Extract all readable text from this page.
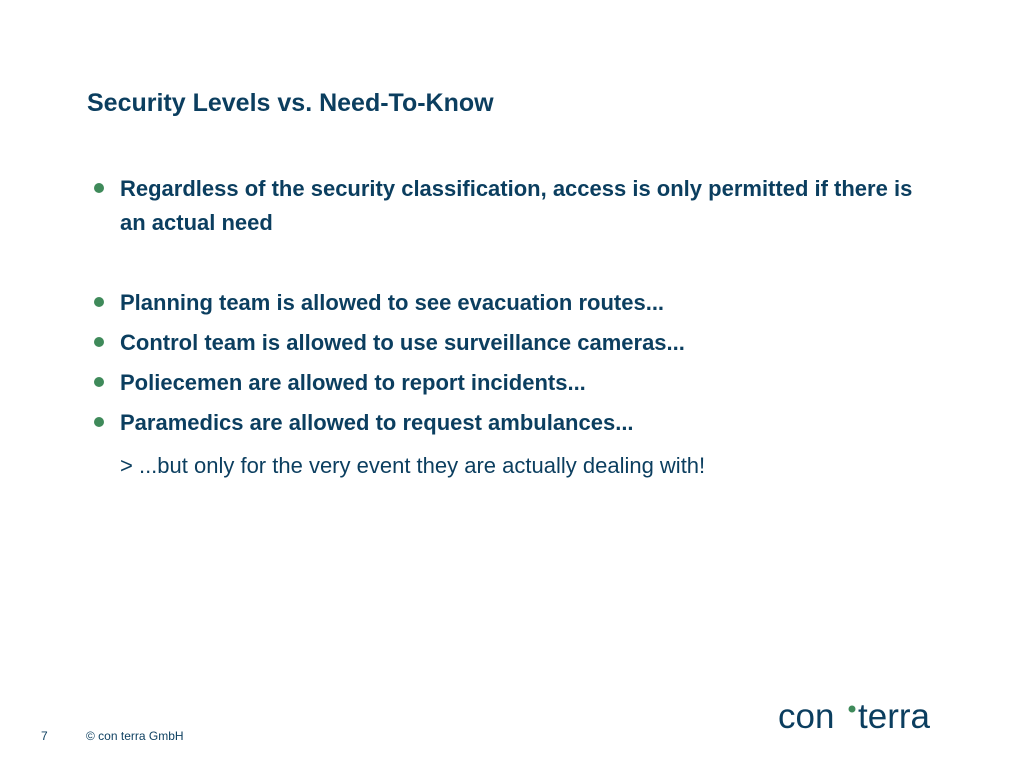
Security Levels vs. Need-To-Know
Regardless of the security classification, access is only permitted if there is an actual need
Planning team is allowed to see evacuation routes...
Control team is allowed to use surveillance cameras...
Poliecemen are allowed to report incidents...
Paramedics are allowed to request ambulances...

> ...but only for the very event they are actually dealing with!

7	© con terra GmbH	con terra
